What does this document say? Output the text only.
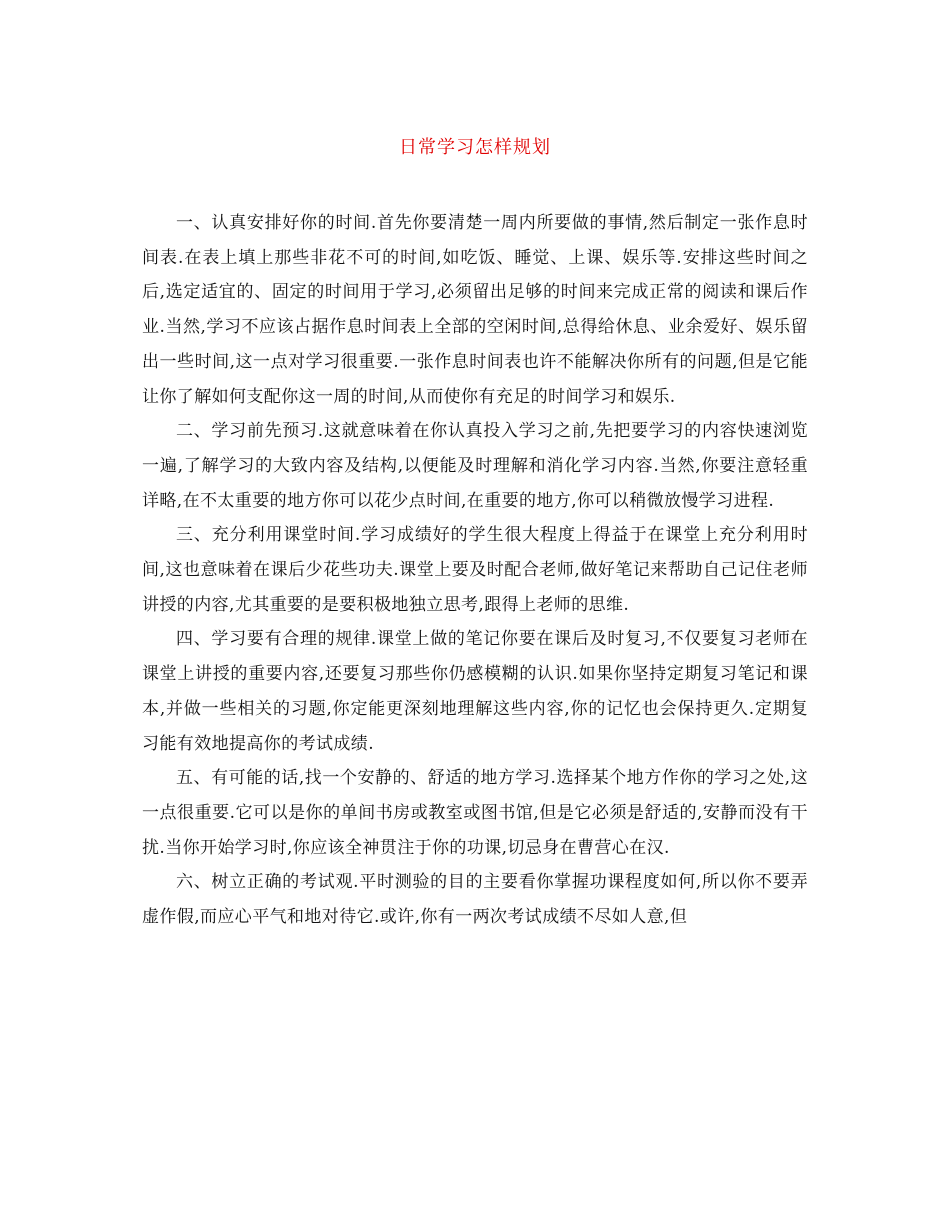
日常学习怎样规划

一、认真安排好你的时间.首先你要清楚一周内所要做的事情,然后制定一张作息时间表.在表上填上那些非花不可的时间,如吃饭、睡觉、上课、娱乐等.安排这些时间之后,选定适宜的、固定的时间用于学习,必须留出足够的时间来完成正常的阅读和课后作业.当然,学习不应该占据作息时间表上全部的空闲时间,总得给休息、业余爱好、娱乐留出一些时间,这一点对学习很重要.一张作息时间表也许不能解决你所有的问题,但是它能让你了解如何支配你这一周的时间,从而使你有充足的时间学习和娱乐.

二、学习前先预习.这就意味着在你认真投入学习之前,先把要学习的内容快速浏览一遍,了解学习的大致内容及结构,以便能及时理解和消化学习内容.当然,你要注意轻重详略,在不太重要的地方你可以花少点时间,在重要的地方,你可以稍微放慢学习进程.

三、充分利用课堂时间.学习成绩好的学生很大程度上得益于在课堂上充分利用时间,这也意味着在课后少花些功夫.课堂上要及时配合老师,做好笔记来帮助自己记住老师讲授的内容,尤其重要的是要积极地独立思考,跟得上老师的思维.

四、学习要有合理的规律.课堂上做的笔记你要在课后及时复习,不仅要复习老师在课堂上讲授的重要内容,还要复习那些你仍感模糊的认识.如果你坚持定期复习笔记和课本,并做一些相关的习题,你定能更深刻地理解这些内容,你的记忆也会保持更久.定期复习能有效地提高你的考试成绩.

五、有可能的话,找一个安静的、舒适的地方学习.选择某个地方作你的学习之处,这一点很重要.它可以是你的单间书房或教室或图书馆,但是它必须是舒适的,安静而没有干扰.当你开始学习时,你应该全神贯注于你的功课,切忌身在曹营心在汉.

六、树立正确的考试观.平时测验的目的主要看你掌握功课程度如何,所以你不要弄虚作假,而应心平气和地对待它.或许,你有一两次考试成绩不尽如人意,但
